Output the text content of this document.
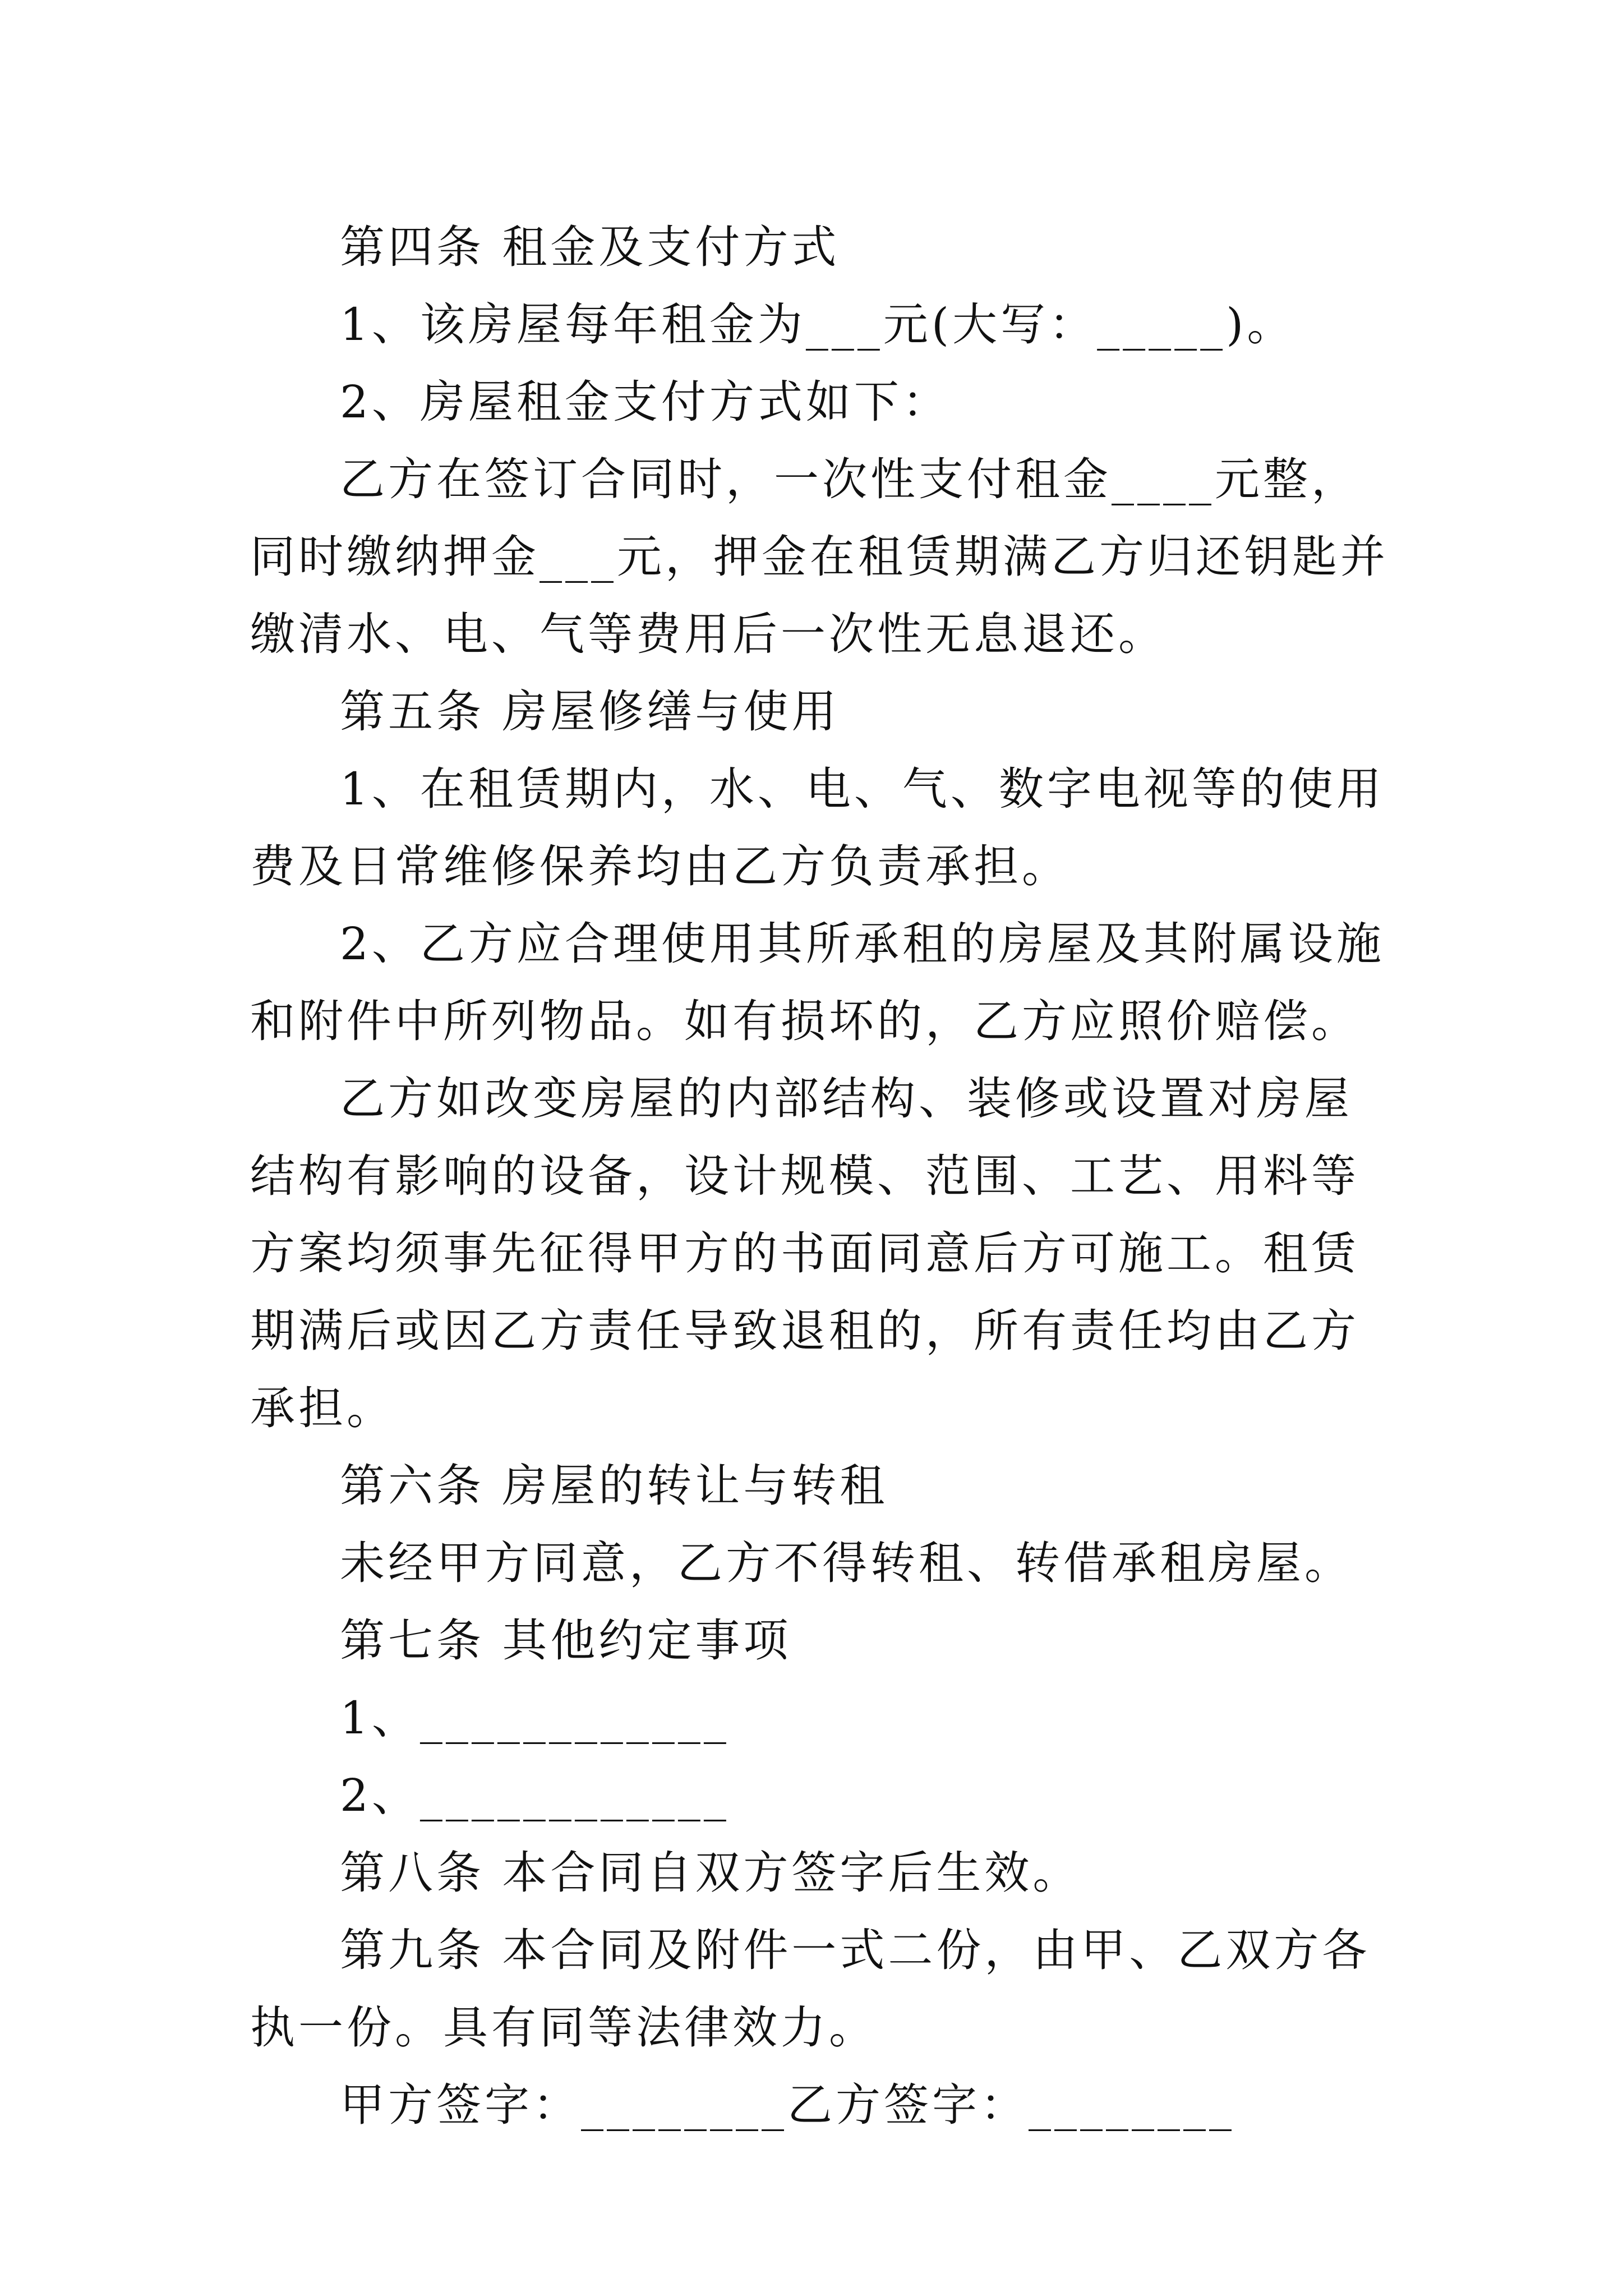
第四条 租金及支付方式

1、该房屋每年租金为___元(大写：_____)。

2、房屋租金支付方式如下：

乙方在签订合同时，一次性支付租金____元整，同时缴纳押金___元，押金在租赁期满乙方归还钥匙并缴清水、电、气等费用后一次性无息退还。

第五条 房屋修缮与使用

1、在租赁期内，水、电、气、数字电视等的使用费及日常维修保养均由乙方负责承担。

2、乙方应合理使用其所承租的房屋及其附属设施和附件中所列物品。如有损坏的，乙方应照价赔偿。

乙方如改变房屋的内部结构、装修或设置对房屋结构有影响的设备，设计规模、范围、工艺、用料等方案均须事先征得甲方的书面同意后方可施工。租赁期满后或因乙方责任导致退租的，所有责任均由乙方承担。

第六条 房屋的转让与转租

未经甲方同意，乙方不得转租、转借承租房屋。

第七条 其他约定事项

1、____________

2、____________

第八条 本合同自双方签字后生效。

第九条 本合同及附件一式二份，由甲、乙双方各执一份。具有同等法律效力。

甲方签字：________乙方签字：________
